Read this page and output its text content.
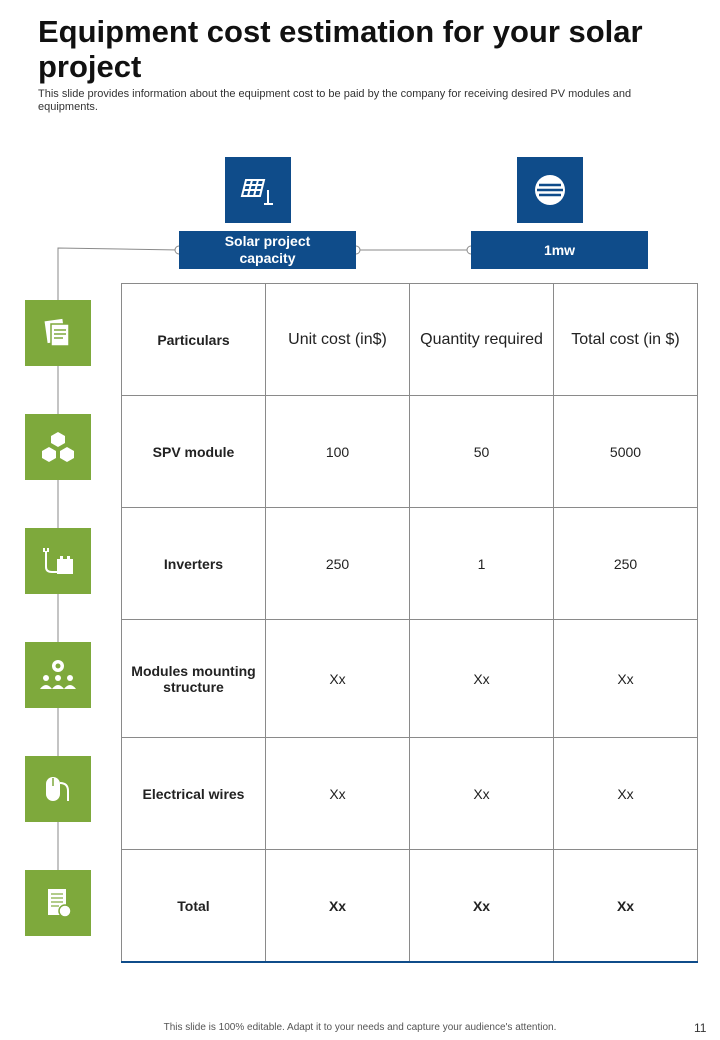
Equipment cost estimation for your solar project
This slide provides information about the equipment cost to be paid by the company for receiving desired PV modules and equipments.
Solar project capacity
1mw
Particulars	Unit cost (in$)	Quantity required	Total cost (in $)
SPV module	100	50	5000
Inverters	250	1	250
Modules mounting structure	Xx	Xx	Xx
Electrical wires	Xx	Xx	Xx
Total	Xx	Xx	Xx
This slide is 100% editable. Adapt it to your needs and capture your audience's attention.	11
